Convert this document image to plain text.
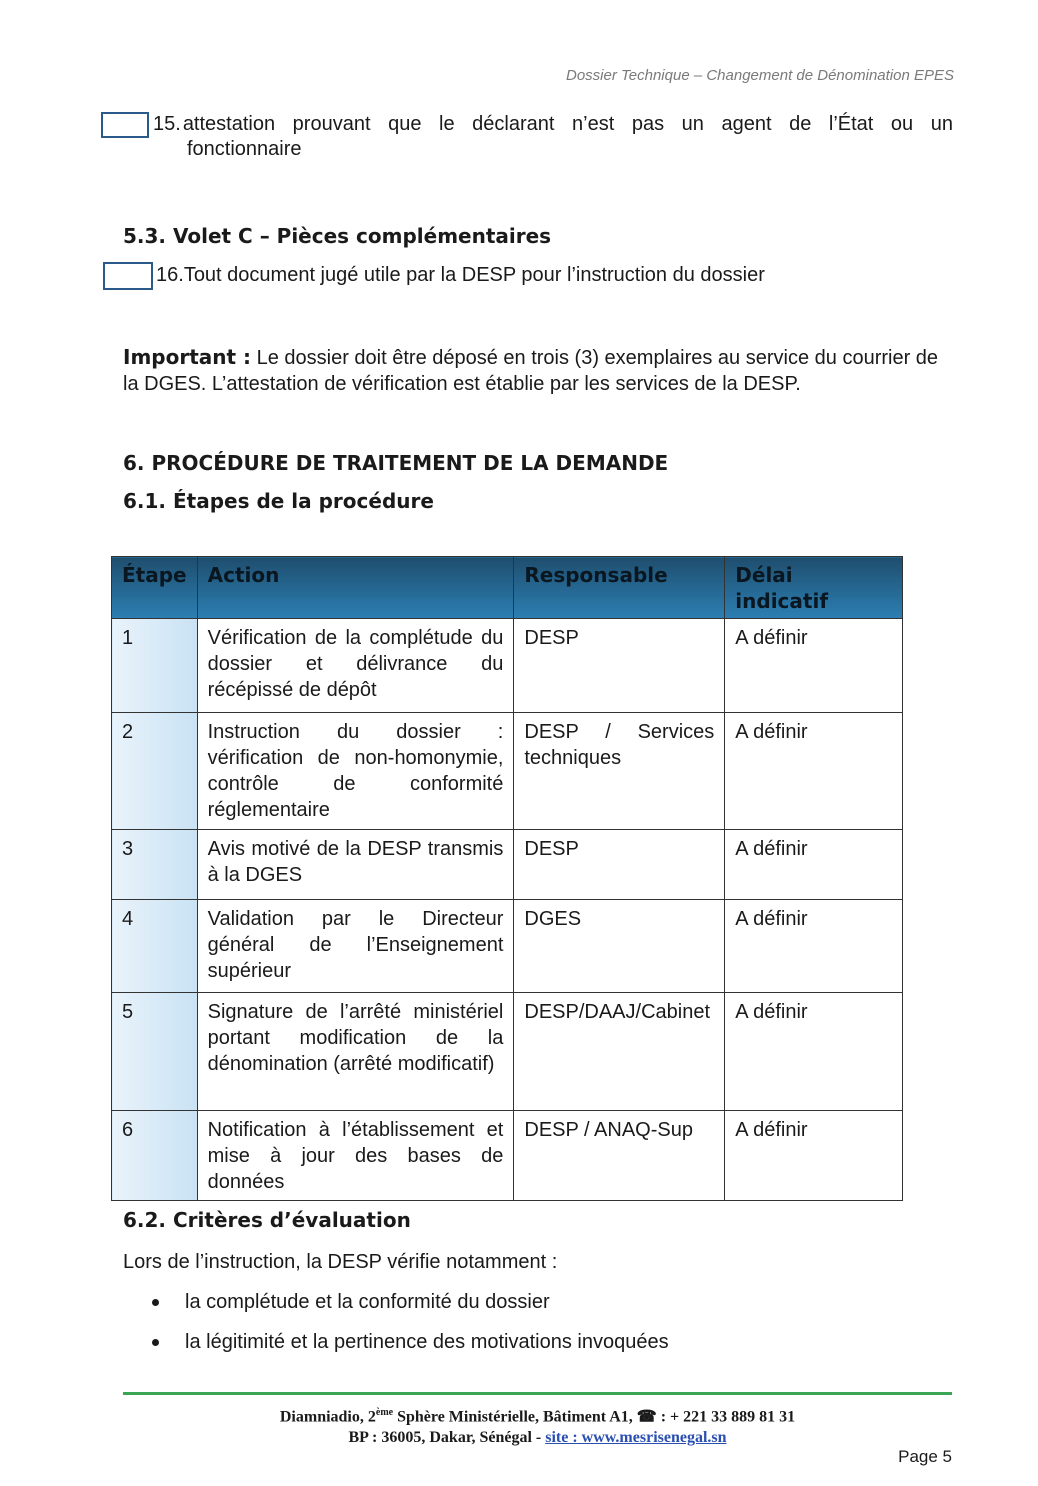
Dossier Technique – Changement de Dénomination EPES
15. attestation prouvant que le déclarant n’est pas un agent de l’État ou un
fonctionnaire
5.3. Volet C – Pièces complémentaires
16.Tout document jugé utile par la DESP pour l’instruction du dossier
Important : Le dossier doit être déposé en trois (3) exemplaires au service du courrier de la DGES. L’attestation de vérification est établie par les services de la DESP.
6. PROCÉDURE DE TRAITEMENT DE LA DEMANDE
6.1. Étapes de la procédure
Étape	Action	Responsable	Délai indicatif
1	Vérification de la complétude du dossier et délivrance du récépissé de dépôt	DESP	A définir
2	Instruction du dossier : vérification de non-homonymie, contrôle de conformité réglementaire	DESP / Services techniques	A définir
3	Avis motivé de la DESP transmis à la DGES	DESP	A définir
4	Validation par le Directeur général de l’Enseignement supérieur	DGES	A définir
5	Signature de l’arrêté ministériel portant modification de la dénomination (arrêté modificatif)	DESP/DAAJ/Cabinet	A définir
6	Notification à l’établissement et mise à jour des bases de données	DESP / ANAQ-Sup	A définir
6.2. Critères d’évaluation
Lors de l’instruction, la DESP vérifie notamment :
la complétude et la conformité du dossier
la légitimité et la pertinence des motivations invoquées
Diamniadio, 2ème Sphère Ministérielle, Bâtiment A1, ☎ : + 221 33 889 81 31
BP : 36005, Dakar, Sénégal - site : www.mesrisenegal.sn
Page 5
